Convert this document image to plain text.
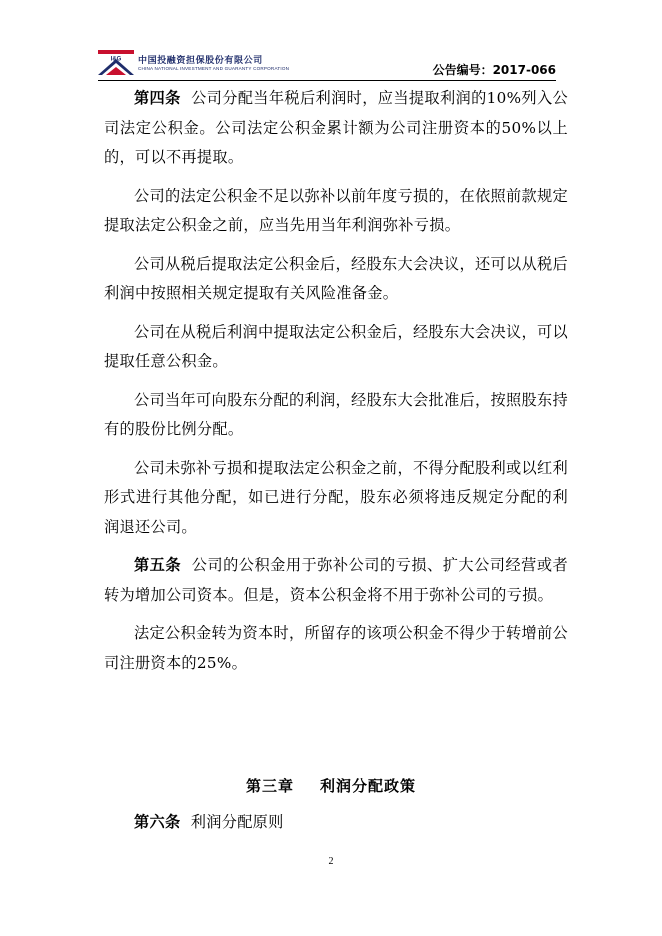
I&G 中国投融资担保股份有限公司
CHINA NATIONAL INVESTMENT AND GUARANTY CORPORATION	公告编号：2017-066

第四条 公司分配当年税后利润时，应当提取利润的10%列入公司法定公积金。公司法定公积金累计额为公司注册资本的50%以上的，可以不再提取。

公司的法定公积金不足以弥补以前年度亏损的，在依照前款规定提取法定公积金之前，应当先用当年利润弥补亏损。

公司从税后提取法定公积金后，经股东大会决议，还可以从税后利润中按照相关规定提取有关风险准备金。

公司在从税后利润中提取法定公积金后，经股东大会决议，可以提取任意公积金。

公司当年可向股东分配的利润，经股东大会批准后，按照股东持有的股份比例分配。

公司未弥补亏损和提取法定公积金之前，不得分配股利或以红利形式进行其他分配，如已进行分配，股东必须将违反规定分配的利润退还公司。

第五条 公司的公积金用于弥补公司的亏损、扩大公司经营或者转为增加公司资本。但是，资本公积金将不用于弥补公司的亏损。

法定公积金转为资本时，所留存的该项公积金不得少于转增前公司注册资本的25%。

第三章 利润分配政策
第六条 利润分配原则
2
